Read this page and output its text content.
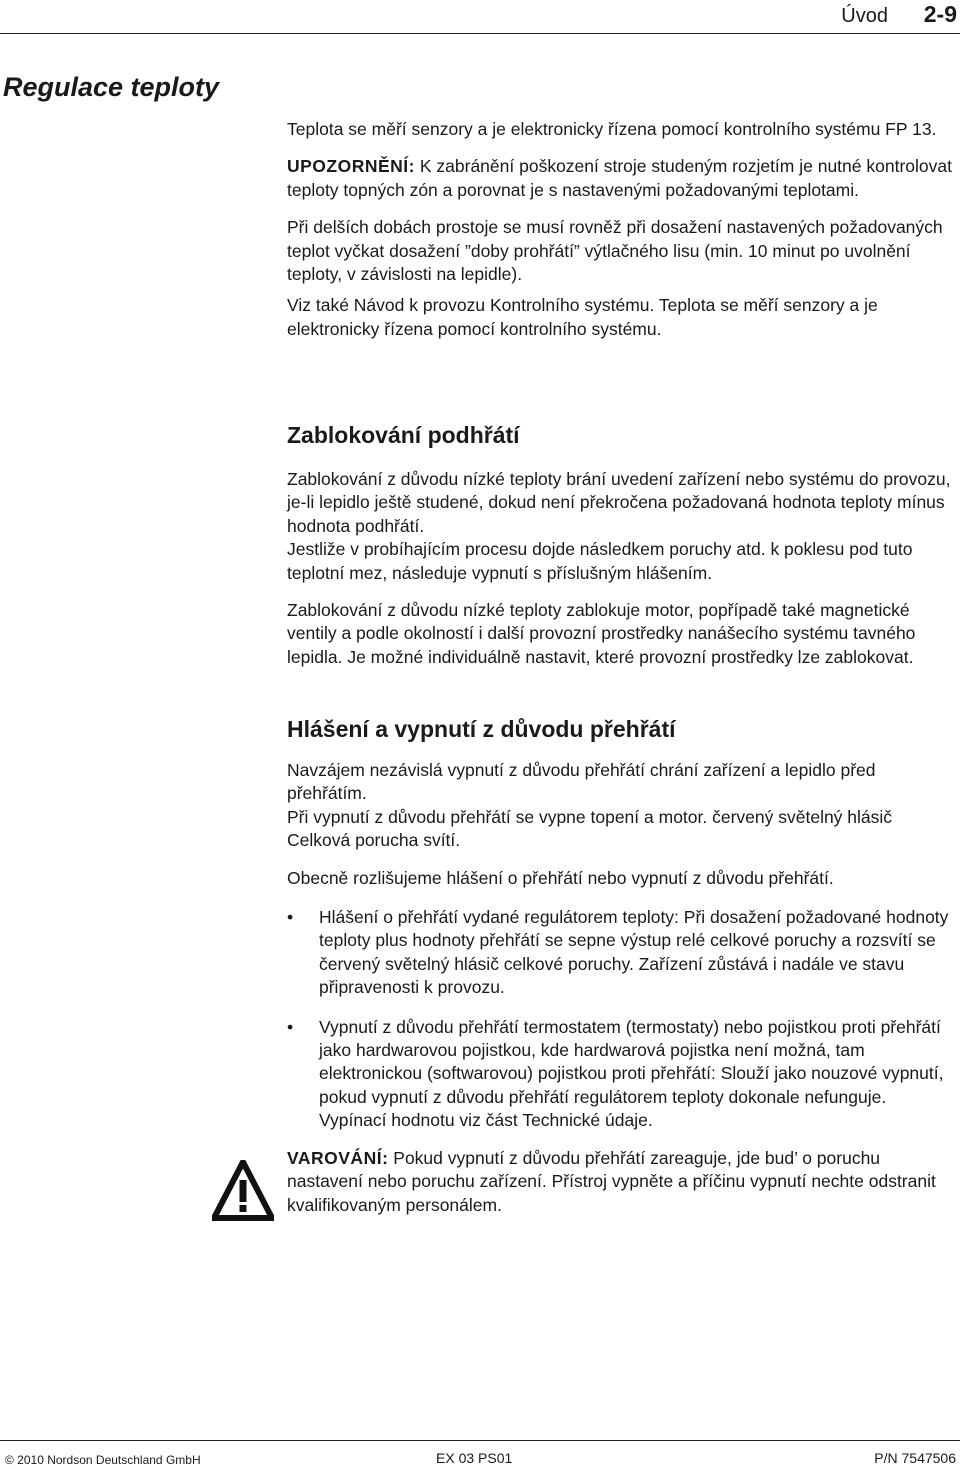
Úvod 2-9
Regulace teploty

Teplota se měří senzory a je elektronicky řízena pomocí kontrolního systému FP 13.

UPOZORNĚNÍ: K zabránění poškození stroje studeným rozjetím je nutné kontrolovat teploty topných zón a porovnat je s nastavenými požadovanými teplotami.

Při delších dobách prostoje se musí rovněž při dosažení nastavených požadovaných teplot vyčkat dosažení ”doby prohřátí” výtlačného lisu (min. 10 minut po uvolnění teploty, v závislosti na lepidle).

Viz také Návod k provozu Kontrolního systému. Teplota se měří senzory a je elektronicky řízena pomocí kontrolního systému.

Zablokování podhřátí

Zablokování z důvodu nízké teploty brání uvedení zařízení nebo systému do provozu, je-li lepidlo ještě studené, dokud není překročena požadovaná hodnota teploty mínus hodnota podhřátí.

Jestliže v probíhajícím procesu dojde následkem poruchy atd. k poklesu pod tuto teplotní mez, následuje vypnutí s příslušným hlášením.

Zablokování z důvodu nízké teploty zablokuje motor, popřípadě také magnetické ventily a podle okolností i další provozní prostředky nanášecího systému tavného lepidla. Je možné individuálně nastavit, které provozní prostředky lze zablokovat.

Hlášení a vypnutí z důvodu přehřátí

Navzájem nezávislá vypnutí z důvodu přehřátí chrání zařízení a lepidlo před přehřátím.

Při vypnutí z důvodu přehřátí se vypne topení a motor. červený světelný hlásič Celková porucha svítí.

Obecně rozlišujeme hlášení o přehřátí nebo vypnutí z důvodu přehřátí.

• Hlášení o přehřátí vydané regulátorem teploty: Při dosažení požadované hodnoty teploty plus hodnoty přehřátí se sepne výstup relé celkové poruchy a rozsvítí se červený světelný hlásič celkové poruchy. Zařízení zůstává i nadále ve stavu připravenosti k provozu.
• Vypnutí z důvodu přehřátí termostatem (termostaty) nebo pojistkou proti přehřátí jako hardwarovou pojistkou, kde hardwarová pojistka není možná, tam elektronickou (softwarovou) pojistkou proti přehřátí: Slouží jako nouzové vypnutí, pokud vypnutí z důvodu přehřátí regulátorem teploty dokonale nefunguje. Vypínací hodnotu viz část Technické údaje.

VAROVÁNÍ: Pokud vypnutí z důvodu přehřátí zareaguje, jde bud’ o poruchu nastavení nebo poruchu zařízení. Přístroj vypněte a příčinu vypnutí nechte odstranit kvalifikovaným personálem.

© 2010 Nordson Deutschland GmbH	EX 03 PS01	P/N 7547506
